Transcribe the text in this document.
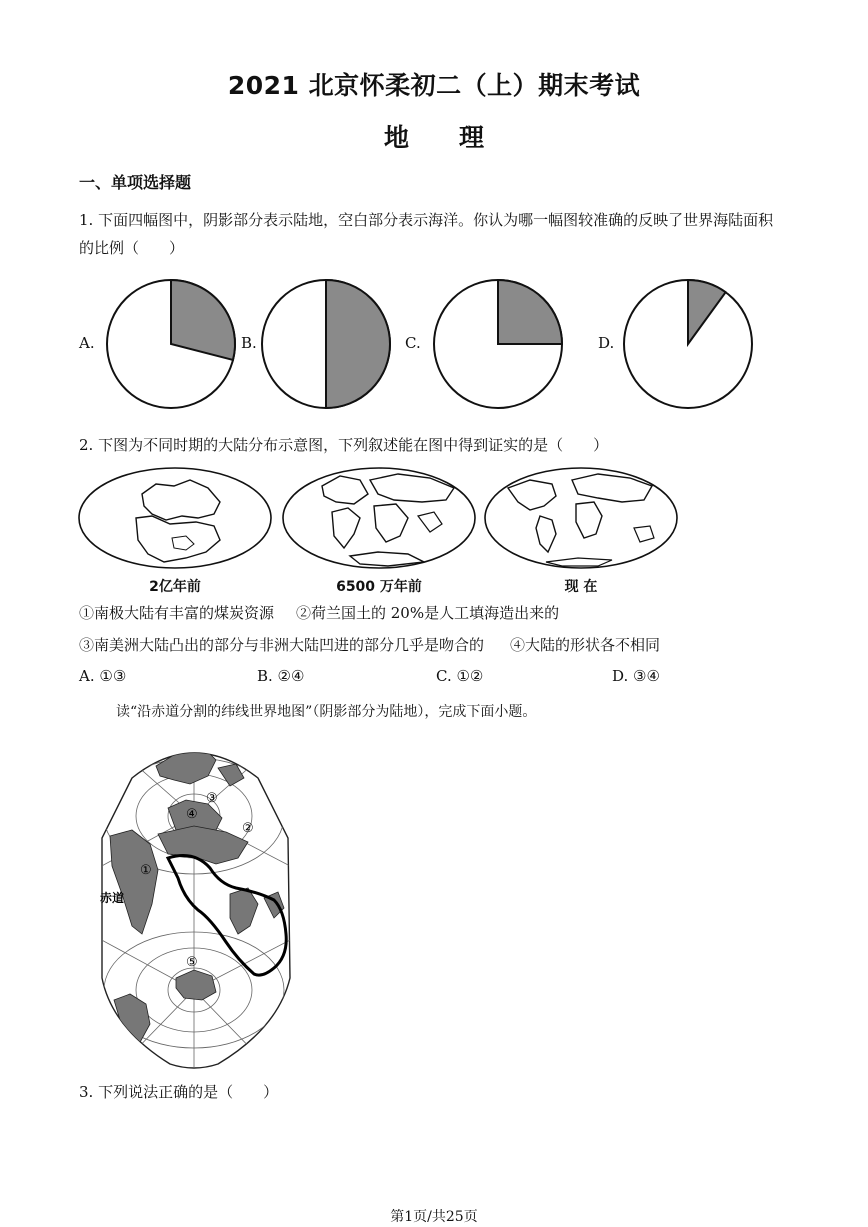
2021 北京怀柔初二（上）期末考试
地　　理
一、单项选择题
1. 下面四幅图中，阴影部分表示陆地，空白部分表示海洋。你认为哪一幅图较准确的反映了世界海陆面积
的比例（　　）
A.	B.	C.	D.
2. 下图为不同时期的大陆分布示意图，下列叙述能在图中得到证实的是（　　）
2亿年前	6500 万年前	现 在
①南极大陆有丰富的煤炭资源 ②荷兰国土的 20%是人工填海造出来的
③南美洲大陆凸出的部分与非洲大陆凹进的部分几乎是吻合的 ④大陆的形状各不相同
A. ①③	B. ②④	C. ①②	D. ③④
读“沿赤道分割的纬线世界地图”（阴影部分为陆地），完成下面小题。
赤道
①
②
③
④
⑤
3. 下列说法正确的是（　　）
第1页/共25页
